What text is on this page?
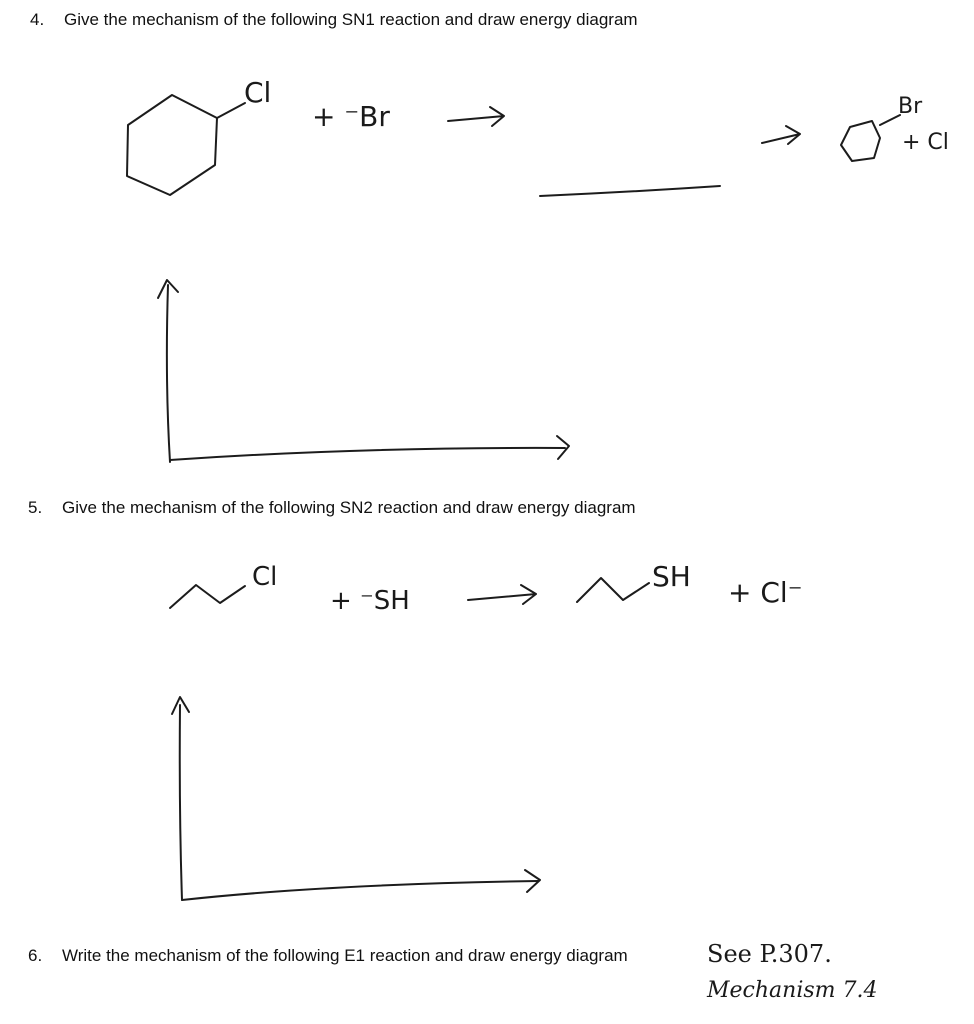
4. Give the mechanism of the following SN1 reaction and draw energy diagram
5. Give the mechanism of the following SN2 reaction and draw energy diagram
6. Write the mechanism of the following E1 reaction and draw energy diagram
Cl
+ ⁻Br	Br
+ Cl
Cl
+ ⁻SH
SH + Cl⁻
See P.307.
Mechanism 7.4
